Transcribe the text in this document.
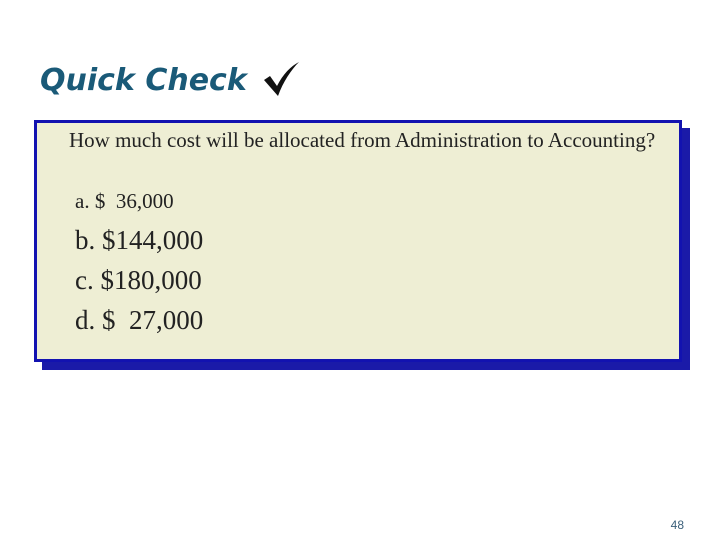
Quick Check
How much cost will be allocated from Administration to Accounting?
a. $  36,000
b. $144,000
c. $180,000
d. $  27,000
48
